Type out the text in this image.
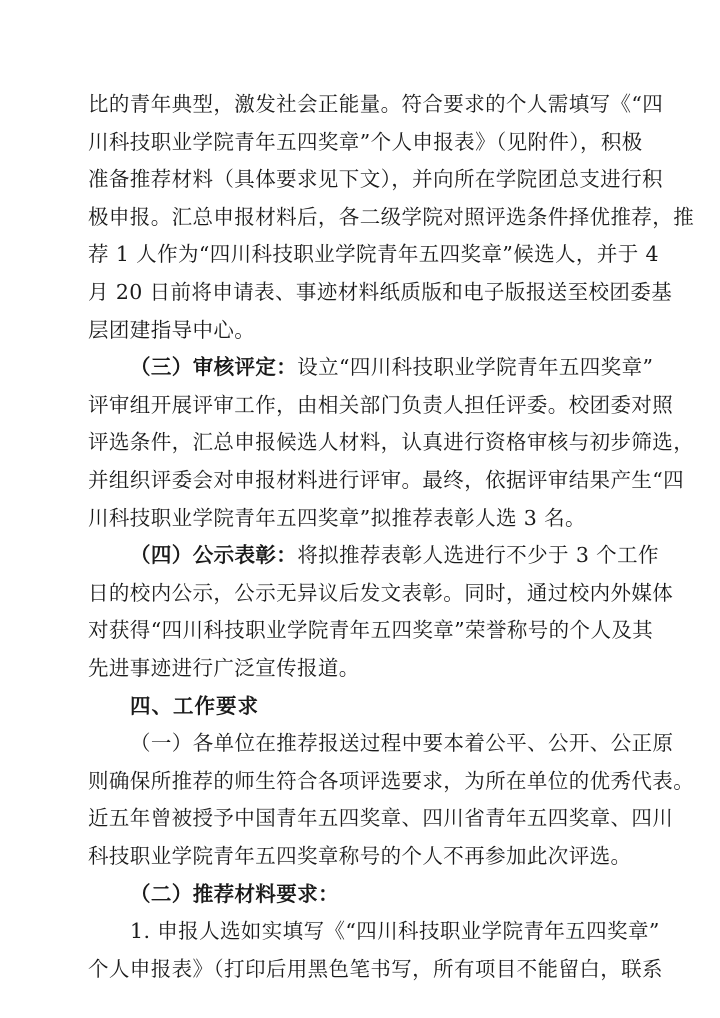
比的青年典型，激发社会正能量。符合要求的个人需填写《“四
川科技职业学院青年五四奖章”个人申报表》（见附件），积极
准备推荐材料（具体要求见下文），并向所在学院团总支进行积
极申报。汇总申报材料后，各二级学院对照评选条件择优推荐，推
荐 1 人作为“四川科技职业学院青年五四奖章”候选人，并于 4
月 20 日前将申请表、事迹材料纸质版和电子版报送至校团委基
层团建指导中心。
（三）审核评定：设立“四川科技职业学院青年五四奖章”
评审组开展评审工作，由相关部门负责人担任评委。校团委对照
评选条件，汇总申报候选人材料，认真进行资格审核与初步筛选，
并组织评委会对申报材料进行评审。最终，依据评审结果产生“四
川科技职业学院青年五四奖章”拟推荐表彰人选 3 名。
（四）公示表彰：将拟推荐表彰人选进行不少于 3 个工作
日的校内公示，公示无异议后发文表彰。同时，通过校内外媒体
对获得“四川科技职业学院青年五四奖章”荣誉称号的个人及其
先进事迹进行广泛宣传报道。
四、工作要求
（一）各单位在推荐报送过程中要本着公平、公开、公正原
则确保所推荐的师生符合各项评选要求，为所在单位的优秀代表。
近五年曾被授予中国青年五四奖章、四川省青年五四奖章、四川
科技职业学院青年五四奖章称号的个人不再参加此次评选。
（二）推荐材料要求：
1. 申报人选如实填写《“四川科技职业学院青年五四奖章”
个人申报表》（打印后用黑色笔书写，所有项目不能留白，联系
